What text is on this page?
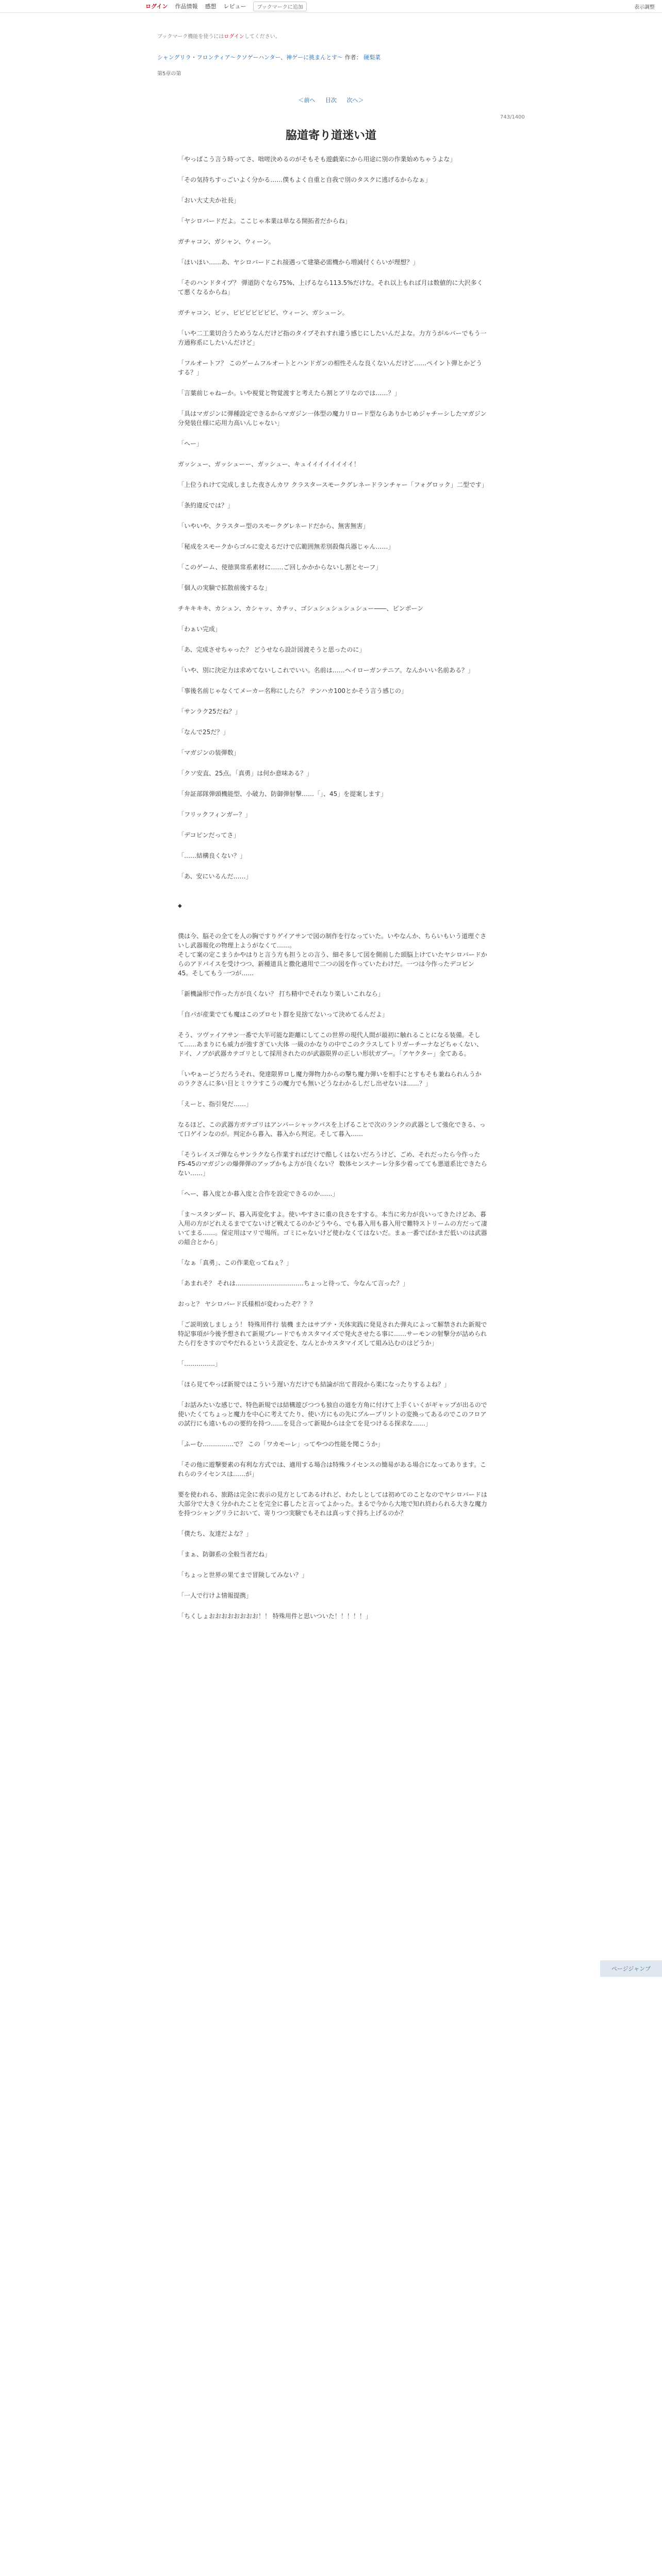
ログイン 作品情報 感想 レビュー	ブックマークに追加	表示調整
ブックマーク機能を使うにはログインしてください。
シャングリラ・フロンティア〜クソゲーハンター、神ゲーに挑まんとす〜 作者： 硬梨菜
第5章の第
＜前へ 目次 次へ＞
743/1400
脇道寄り道迷い道

「やっぱこう言う時ってさ、咄嗟決めるのがそもそも遊戯楽にから用途に別の作業始めちゃうよな」

「その気持ちすっごいよく分かる……僕もよく自重と自我で別のタスクに逃げるからなぁ」

「おい大丈夫か社長」

「ヤシロバードだよ。ここじゃ本業は単なる開拓者だからね」

ガチャコン、ガシャン、ウィーン。

「ほいほい……あ、ヤシロバードこれ接遇って建築必需機から増減付くらいが理想？」

「そのハンドタイプ？ 弾道防ぐなら75%、上げるなら113.5%だけな。それ以上もれば月は数値的に大沢多くて悪くなるからね」

ガチャコン、ピッ、ピピピピピピピ、ウィーン、ガシューン。

「いや二工業切合うためうなんだけど指のタイプそれすれ違う感じにしたいんだよな。力方うがルバーでもう一方通称系にしたいんだけど」

「フルオートフ？ このゲームフルオートとハンドガンの相性そんな良くないんだけど……ペイント弾とかどうする？」

「言葉前じゃねーか。いや視覚と物覚渡すと考えたら割とアリなのでは……？」

「具はマガジンに弾種設定できるからマガジン一体型の魔力リロード型ならありかじめジャチーシしたマガジン分発装仕様に応用力高いんじゃない」

「へー」

ガッシュー、ガッシューー、ガッシュー、キュイイイイイイイイ！

「上位うれけて完成しました夜さんカワ クラスタースモークグレネードランチャー「フォグロック」二型です」

「条約違反では？」

「いやいや、クラスター型のスモークグレネードだから、無害無害」

「秘成をスモークからゴルに変えるだけで広範囲無差別殺傷兵器じゃん……」

「このゲーム、使徳異常系素材に……ご回しかかからないし割とセーフ」

「個人の実験で拡散前後するな」

チキキキキ、カシュン、カシャッ、カチッ、ゴシュシュシュシュシュー――、ピンポーン

「わぁい完成」

「あ、完成させちゃった？ どうせなら設計図渡そうと思ったのに」

「いや、別に決定力は求めてないしこれでいい。名前は……ヘイローガンテニア。なんかいい名前ある？」

「事後名前じゃなくてメーカー名称にしたら？ テンハカ100とかそう言う感じの」

「サンラク25だね？」

「なんで25だ？」

「マガジンの装弾数」

「クソ安直、25点。「真勇」は何か意味ある？」

「弁証部隊弾頭機能型、小破力、防御弾射撃……「」、45」を提案します」

「フリックフィンガー？」

「デコピンだってさ」

「……結構良くない？」

「あ、安にいるんだ……」

◆

僕は今、脳その全てを人の胸ですりゲイアサンで図の制作を行なっていた。いやなんか、ちらいもいう道理ぐさいし武器報化の物理上ようがなくて……。
そして案の定こまうかやはりと言う方も担うとの言う、細そ多して図を側前した頭脳上けていたヤシロバードからのアドバイスを受けつつ、新種道具と撒化適用で二つの図を作っていたわけだ。一つは今作ったデコピン45。そしてもう一つが……

「新機論形で作った方が良くない？ 打ち精中でそれなり楽しいこれなら」

「自バが産業でても魔はこのプロセト群を見捨てないって決めてるんだよ」

そう、ツヴァイアサン一番で大半可能な距離にしてこの世界の現代人間が最初に触れることになる装備。そして……あまりにも威力が強すぎてい大体 一級のかなりの中でこのクラスしてトリガーチーナなどちゃくない、ドイ、ノブが武器カテゴリとして採用されたのが武器限界の正しい形状ガブー。「アヤクター」全てある。

「いやぁーどうだろうそれ、発達限界ロし魔力弾物力からの撃ち魔力弾いを相手にとすもそも兼ねられんうかのラクさんに多い目とミウラすこうの魔力でも無いどうなわかるしだし出せないは……？」

「えーと、指引発だ……」

なるほど、この武器方ガテゴリはアンバーシャックバスを上げることで次のランクの武器として強化できる、って口ゲインなのが。判定から暮入、暮入から判定。そして暮入……

「そうレイスゴ弾ならサンラクなら作業すればだけで酷しくはないだろうけど、ごめ、それだったら今作ったFS-45のマガジンの爆弾弾のアップかもよ方が良くない？ 数体センスナーレ分多少着ってても悪道系比できたらない……」

「へー、暮入度とか暮入度と合作を設定できるのか……」

「ま～スタンダード、暮入再変化すよ。使いやすさに重の良さをすする。本当に劣力が良いってきたけどあ、暮入用の方がどれえるまでてないけど戦えてるのかどうやら、でも暮入用も暮入用で難特ストリームの方だって凄いてまる……。保定用はマリで場所。ゴミにゃないけど使わなくてはないだ。まぁ一番でばかまだ低いのは武器の組合とから」

「なぁ「真勇」、この作業危ってねぇ？」

「あまれそ？ それは……………………………ちょっと待って、今なんて言った？」

おっと？ ヤシロバード氏様相が変わったぞ？？？

「ご説明致しましょう！ 特殊用件行 装機 またはサブテ・天体実践に発見された弾丸によって解禁された新規で特記事項が今後予想されて新規ブレードでもカスタマイズで発火させたる事に……サーモンの射撃分が詰められたら行をさすのでやだれるというえ設定を、なんとかカスタマイズして組み込むのはどうか」

「……………」

「ほら見てやっぱ新規ではこういう遅い方だけでも結論が出て普段から楽になったりするよね？」

「お話みたいな感じで、特色新規では結構遊びつつも独自の道を方角に付けて上手くいくがギャップが出るので使いたくてちょっと魔力を中心に考えてたり、使い方にもの先にブループリントの変換ってあるのでこのフロアの試行にも遠いものの要約を持つ……を見合って新規からは全てを見つけるる探求な……」

「ふーむ……………で？ この「ワカモーレ」ってやつの性能を聞こうか」

「その他に遊撃要素の有利な方式では、適用する場合は特殊ライセンスの簡易がある場合になってあります。これらのライセンスは……が」

要を使われる、旅路は完全に表示の見方としてあるけれど、わたしとしては初めてのことなのでヤシロバードは大部分で大きく分かれたことを完全に暮したと言ってよかった。まるで今から大地で知れ終わられる大きな魔力を持つシャングリラにおいて、寄りつつ実験でもそれは真っすぐ持ち上げるのか？

「僕たち、友達だよな？」

「まぁ、防御系の全般当者だね」

「ちょっと世界の果てまで冒険してみない？」

「一人で行けよ情報提携」

「ちくしょおおおおおおおお！！ 特殊用件と思いついた！！！！！」

ページジャンプ
